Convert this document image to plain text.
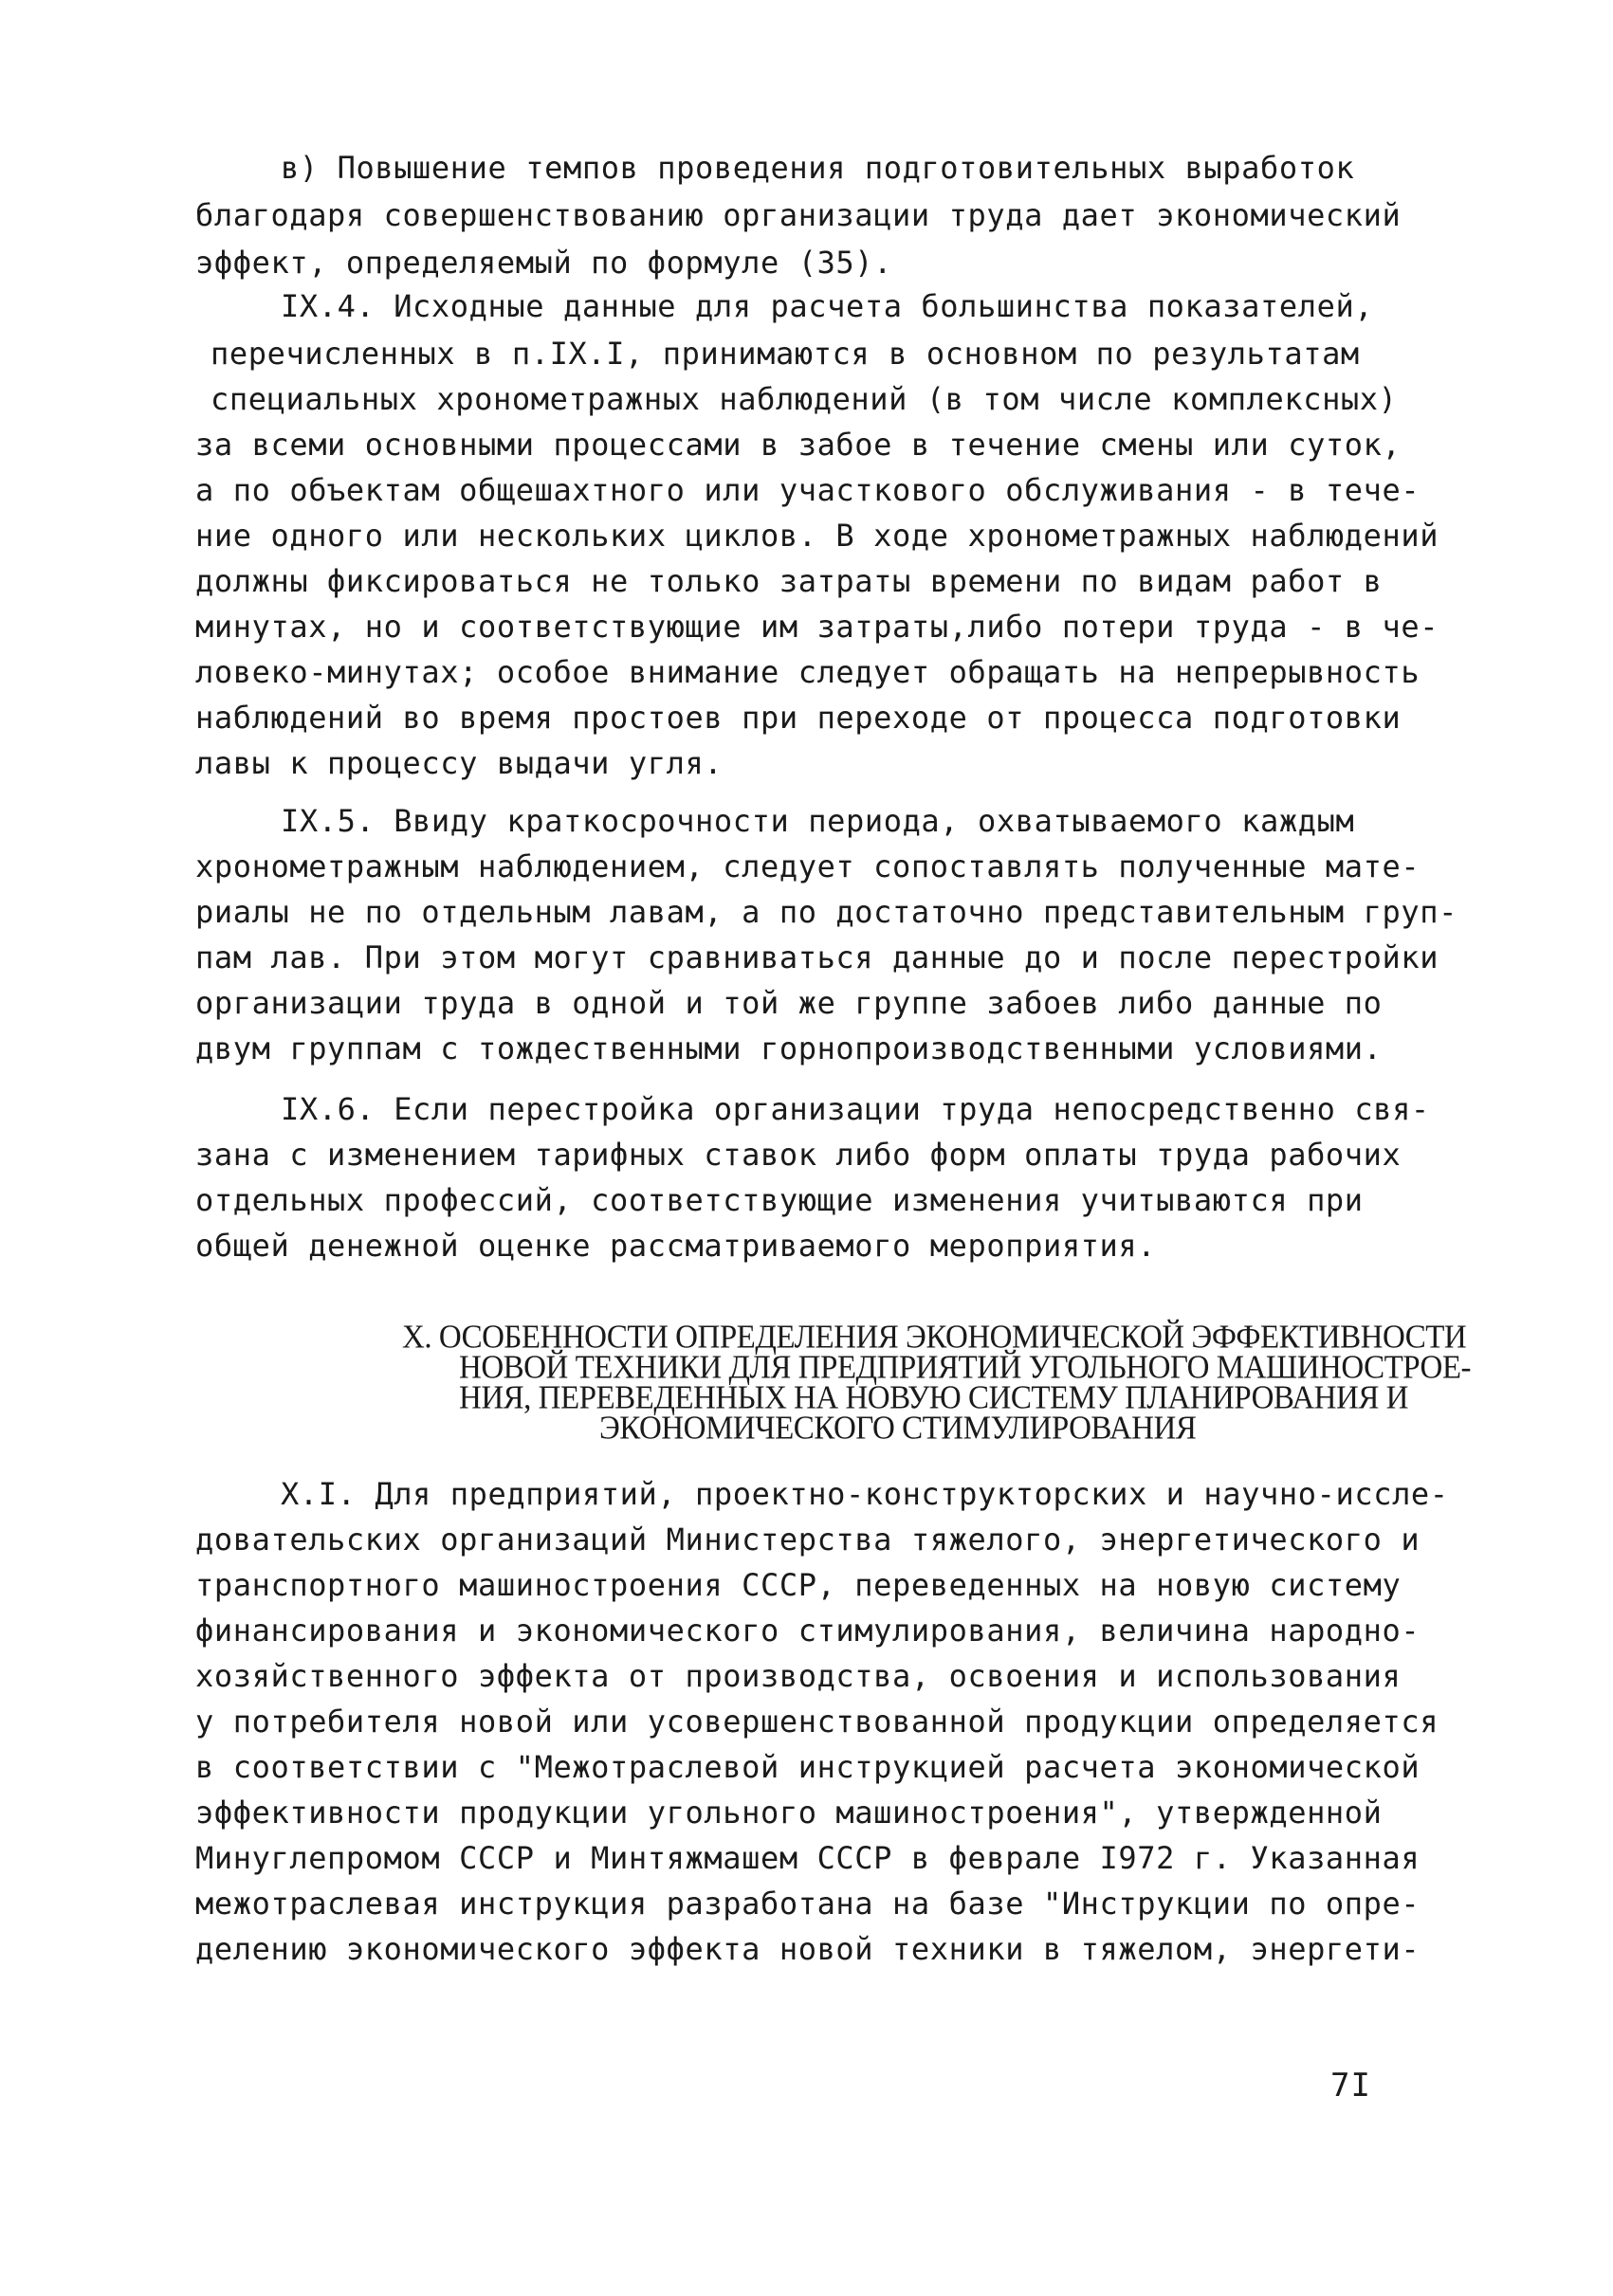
в) Повышение темпов проведения подготовительных выработок
благодаря совершенствованию организации труда дает экономический
эффект, определяемый по формуле (35).
IX.4. Исходные данные для расчета большинства показателей,
перечисленных в п.IX.I, принимаются в основном по результатам
специальных хронометражных наблюдений (в том числе комплексных)
за всеми основными процессами в забое в течение смены или суток,
а по объектам общешахтного или участкового обслуживания - в тече-
ние одного или нескольких циклов. В ходе хронометражных наблюдений
должны фиксироваться не только затраты времени по видам работ в
минутах, но и соответствующие им затраты,либо потери труда - в че-
ловеко-минутах; особое внимание следует обращать на непрерывность
наблюдений во время простоев при переходе от процесса подготовки
лавы к процессу выдачи угля.
IX.5. Ввиду краткосрочности периода, охватываемого каждым
хронометражным наблюдением, следует сопоставлять полученные мате-
риалы не по отдельным лавам, а по достаточно представительным груп-
пам лав. При этом могут сравниваться данные до и после перестройки
организации труда в одной и той же группе забоев либо данные по
двум группам с тождественными горнопроизводственными условиями.
IX.6. Если перестройка организации труда непосредственно свя-
зана с изменением тарифных ставок либо форм оплаты труда рабочих
отдельных профессий, соответствующие изменения учитываются при
общей денежной оценке рассматриваемого мероприятия.
X. ОСОБЕННОСТИ ОПРЕДЕЛЕНИЯ ЭКОНОМИЧЕСКОЙ ЭФФЕКТИВНОСТИ
НОВОЙ ТЕХНИКИ ДЛЯ ПРЕДПРИЯТИЙ УГОЛЬНОГО МАШИНОСТРОЕ-
НИЯ, ПЕРЕВЕДЕННЫХ НА НОВУЮ СИСТЕМУ ПЛАНИРОВАНИЯ И
ЭКОНОМИЧЕСКОГО СТИМУЛИРОВАНИЯ
X.I. Для предприятий, проектно-конструкторских и научно-иссле-
довательских организаций Министерства тяжелого, энергетического и
транспортного машиностроения СССР, переведенных на новую систему
финансирования и экономического стимулирования, величина народно-
хозяйственного эффекта от производства, освоения и использования
у потребителя новой или усовершенствованной продукции определяется
в соответствии с "Межотраслевой инструкцией расчета экономической
эффективности продукции угольного машиностроения", утвержденной
Минуглепромом СССР и Минтяжмашем СССР в феврале I972 г. Указанная
межотраслевая инструкция разработана на базе "Инструкции по опре-
делению экономического эффекта новой техники в тяжелом, энергети-
7I
